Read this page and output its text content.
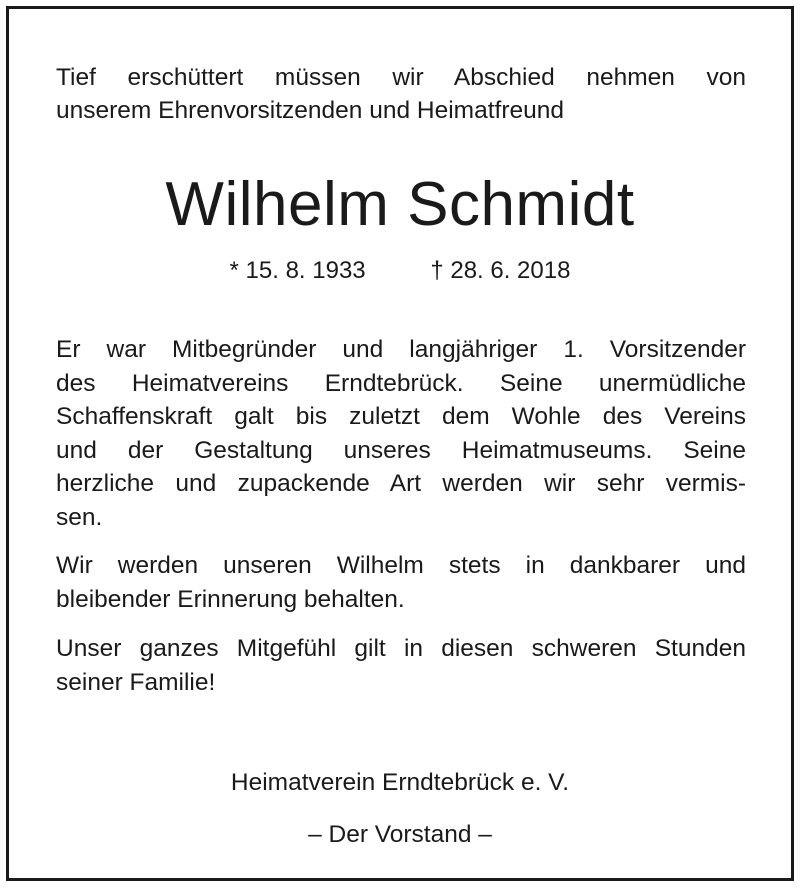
Tief erschüttert müssen wir Abschied nehmen von
unserem Ehrenvorsitzenden und Heimatfreund

Wilhelm Schmidt
* 15. 8. 1933	† 28. 6. 2018

Er war Mitbegründer und langjähriger 1. Vorsitzender
des Heimatvereins Erndtebrück. Seine unermüdliche
Schaffenskraft galt bis zuletzt dem Wohle des Vereins
und der Gestaltung unseres Heimatmuseums. Seine
herzliche und zupackende Art werden wir sehr vermis-
sen.

Wir werden unseren Wilhelm stets in dankbarer und
bleibender Erinnerung behalten.

Unser ganzes Mitgefühl gilt in diesen schweren Stunden
seiner Familie!

Heimatverein Erndtebrück e. V.
– Der Vorstand –
